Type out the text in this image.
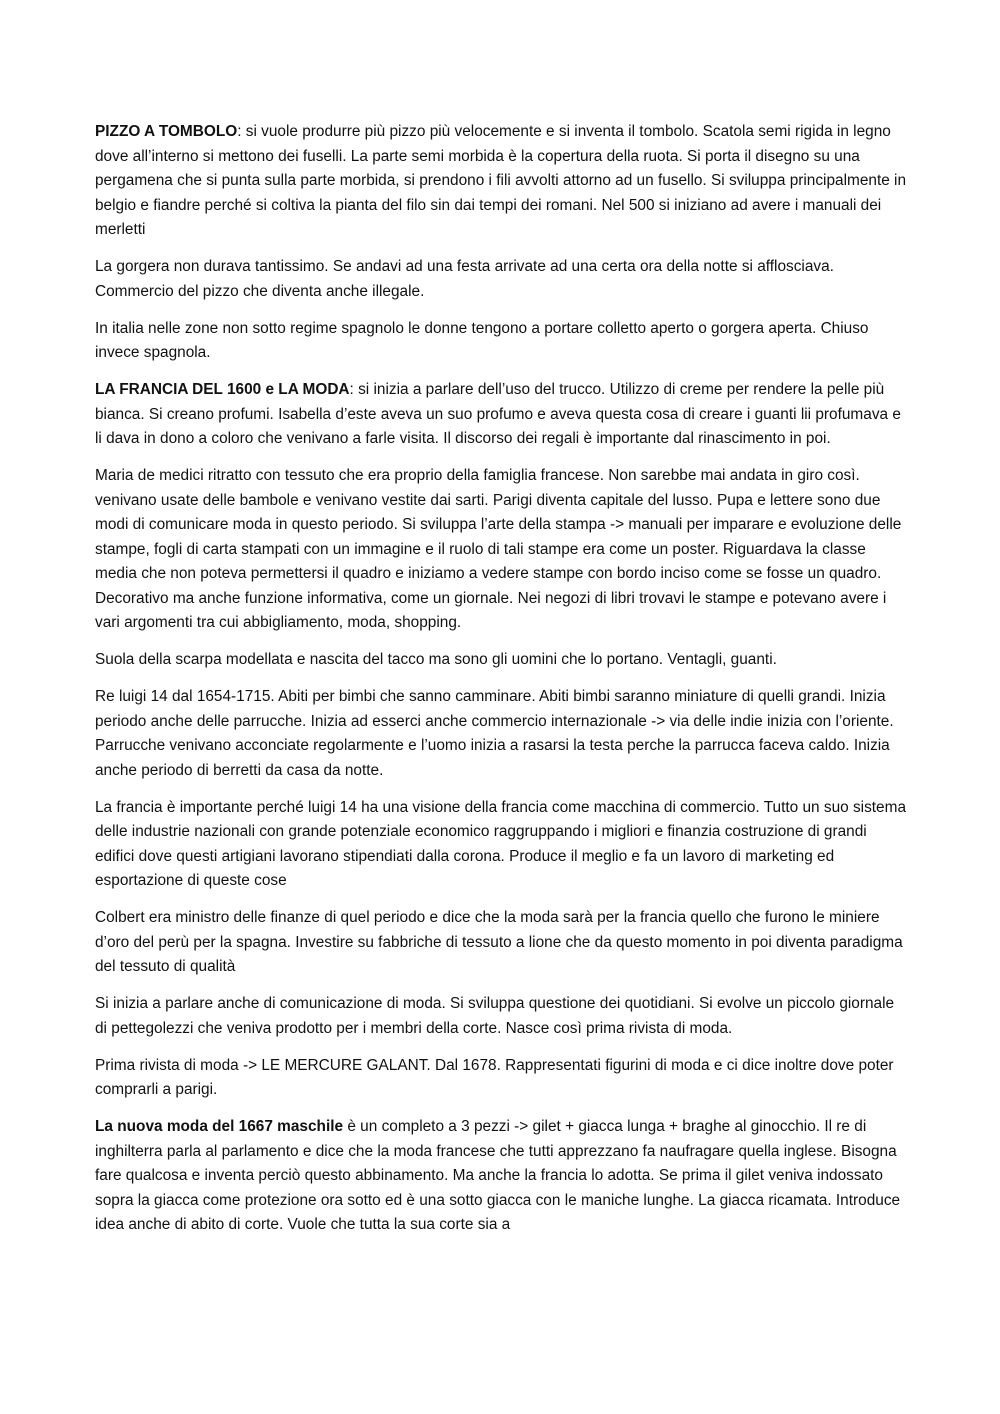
PIZZO A TOMBOLO: si vuole produrre più pizzo più velocemente e si inventa il tombolo. Scatola semi rigida in legno dove all’interno si mettono dei fuselli. La parte semi morbida è la copertura della ruota. Si porta il disegno su una pergamena che si punta sulla parte morbida, si prendono i fili avvolti attorno ad un fusello. Si sviluppa principalmente in belgio e fiandre perché si coltiva la pianta del filo sin dai tempi dei romani. Nel 500 si iniziano ad avere i manuali dei merletti

La gorgera non durava tantissimo. Se andavi ad una festa arrivate ad una certa ora della notte si afflosciava. Commercio del pizzo che diventa anche illegale.

In italia nelle zone non sotto regime spagnolo le donne tengono a portare colletto aperto o gorgera aperta. Chiuso invece spagnola.

LA FRANCIA DEL 1600 e LA MODA: si inizia a parlare dell’uso del trucco. Utilizzo di creme per rendere la pelle più bianca. Si creano profumi. Isabella d’este aveva un suo profumo e aveva questa cosa di creare i guanti lii profumava e li dava in dono a coloro che venivano a farle visita. Il discorso dei regali è importante dal rinascimento in poi.

Maria de medici ritratto con tessuto che era proprio della famiglia francese. Non sarebbe mai andata in giro così. venivano usate delle bambole e venivano vestite dai sarti. Parigi diventa capitale del lusso. Pupa e lettere sono due modi di comunicare moda in questo periodo. Si sviluppa l’arte della stampa -> manuali per imparare e evoluzione delle stampe, fogli di carta stampati con un immagine e il ruolo di tali stampe era come un poster. Riguardava la classe media che non poteva permettersi il quadro e iniziamo a vedere stampe con bordo inciso come se fosse un quadro. Decorativo ma anche funzione informativa, come un giornale. Nei negozi di libri trovavi le stampe e potevano avere i vari argomenti tra cui abbigliamento, moda, shopping.

Suola della scarpa modellata e nascita del tacco ma sono gli uomini che lo portano. Ventagli, guanti.

Re luigi 14 dal 1654-1715. Abiti per bimbi che sanno camminare. Abiti bimbi saranno miniature di quelli grandi. Inizia periodo anche delle parrucche. Inizia ad esserci anche commercio internazionale -> via delle indie inizia con l’oriente. Parrucche venivano acconciate regolarmente e l’uomo inizia a rasarsi la testa perche la parrucca faceva caldo. Inizia anche periodo di berretti da casa da notte.

La francia è importante perché luigi 14 ha una visione della francia come macchina di commercio. Tutto un suo sistema delle industrie nazionali con grande potenziale economico raggruppando i migliori e finanzia costruzione di grandi edifici dove questi artigiani lavorano stipendiati dalla corona. Produce il meglio e fa un lavoro di marketing ed esportazione di queste cose

Colbert era ministro delle finanze di quel periodo e dice che la moda sarà per la francia quello che furono le miniere d’oro del perù per la spagna. Investire su fabbriche di tessuto a lione che da questo momento in poi diventa paradigma del tessuto di qualità

Si inizia a parlare anche di comunicazione di moda. Si sviluppa questione dei quotidiani. Si evolve un piccolo giornale di pettegolezzi che veniva prodotto per i membri della corte. Nasce così prima rivista di moda.

Prima rivista di moda -> LE MERCURE GALANT. Dal 1678. Rappresentati figurini di moda e ci dice inoltre dove poter comprarli a parigi.

La nuova moda del 1667 maschile è un completo a 3 pezzi -> gilet + giacca lunga + braghe al ginocchio. Il re di inghilterra parla al parlamento e dice che la moda francese che tutti apprezzano fa naufragare quella inglese. Bisogna fare qualcosa e inventa perciò questo abbinamento. Ma anche la francia lo adotta. Se prima il gilet veniva indossato sopra la giacca come protezione ora sotto ed è una sotto giacca con le maniche lunghe. La giacca ricamata. Introduce idea anche di abito di corte. Vuole che tutta la sua corte sia a
